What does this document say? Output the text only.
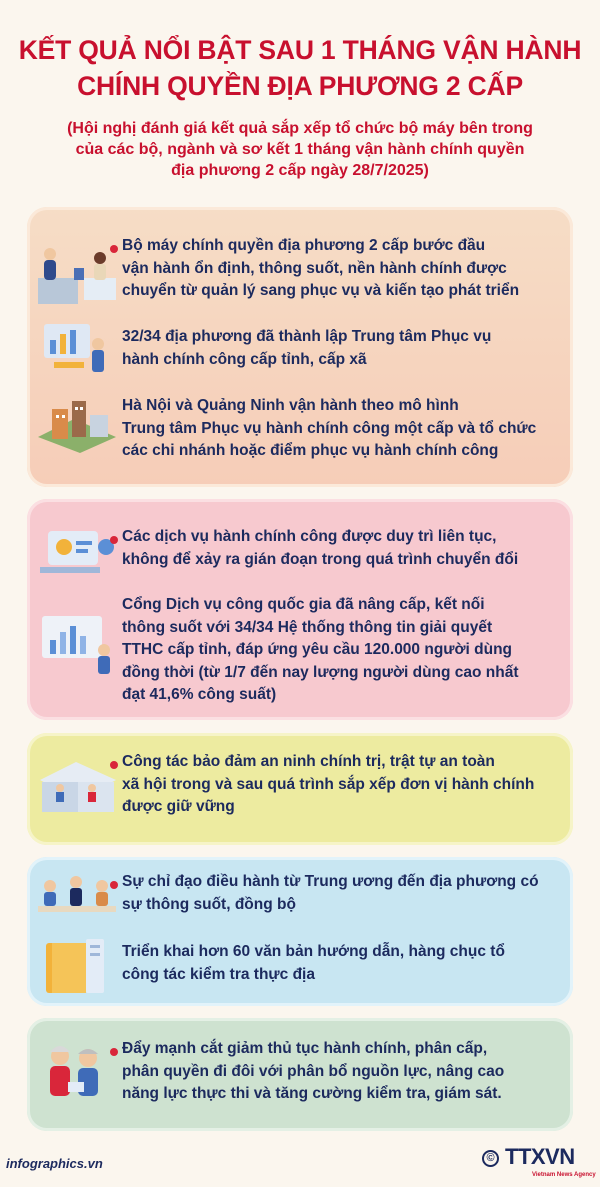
KẾT QUẢ NỔI BẬT SAU 1 THÁNG VẬN HÀNH
CHÍNH QUYỀN ĐỊA PHƯƠNG 2 CẤP
(Hội nghị đánh giá kết quả sắp xếp tổ chức bộ máy bên trong
của các bộ, ngành và sơ kết 1 tháng vận hành chính quyền
địa phương 2 cấp ngày 28/7/2025)
Bộ máy chính quyền địa phương 2 cấp bước đầu
vận hành ổn định, thông suốt, nền hành chính được
chuyển từ quản lý sang phục vụ và kiến tạo phát triển
32/34 địa phương đã thành lập Trung tâm Phục vụ
hành chính công cấp tỉnh, cấp xã
Hà Nội và Quảng Ninh vận hành theo mô hình
Trung tâm Phục vụ hành chính công một cấp và tổ chức
các chi nhánh hoặc điểm phục vụ hành chính công
Các dịch vụ hành chính công được duy trì liên tục,
không để xảy ra gián đoạn trong quá trình chuyển đổi
Cổng Dịch vụ công quốc gia đã nâng cấp, kết nối
thông suốt với 34/34 Hệ thống thông tin giải quyết
TTHC cấp tỉnh, đáp ứng yêu cầu 120.000 người dùng
đồng thời (từ 1/7 đến nay lượng người dùng cao nhất
đạt 41,6% công suất)
Công tác bảo đảm an ninh chính trị, trật tự an toàn
xã hội trong và sau quá trình sắp xếp đơn vị hành chính
được giữ vững
Sự chỉ đạo điều hành từ Trung ương đến địa phương có
sự thông suốt, đồng bộ
Triển khai hơn 60 văn bản hướng dẫn, hàng chục tổ
công tác kiểm tra thực địa
Đẩy mạnh cắt giảm thủ tục hành chính, phân cấp,
phân quyền đi đôi với phân bổ nguồn lực, nâng cao
năng lực thực thi và tăng cường kiểm tra, giám sát.
infographics.vn	© TTXVN
Vietnam News Agency
